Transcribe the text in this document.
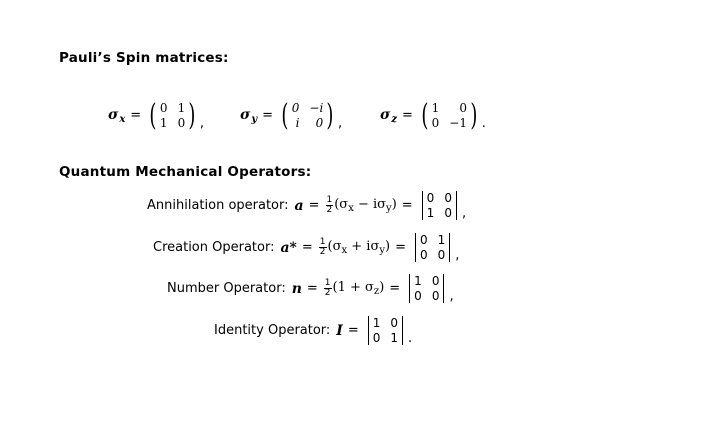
Pauli’s Spin matrices:
$\sigma_x$ = ( 0 1
1 0 ) ,
$\sigma_y$ = ( 0 −i
i	0 ) ,
$\sigma_z$ = ( 1	0
0 −1 ) .
Quantum Mechanical Operators:
Annihilation operator: $a = \frac{1}{2} (\sigma_x - i\sigma_y) = 0$ 0
1 0 ,
Creation Operator: $a* = \frac{1}{2} (\sigma_x + i\sigma_y) = 0$ 1
0 0 ,
Number Operator: $n = \frac{1}{2} (1 + \sigma_z) = 1$ 0
0 0 ,
Identity Operator: I = 1 0
0 1 .
